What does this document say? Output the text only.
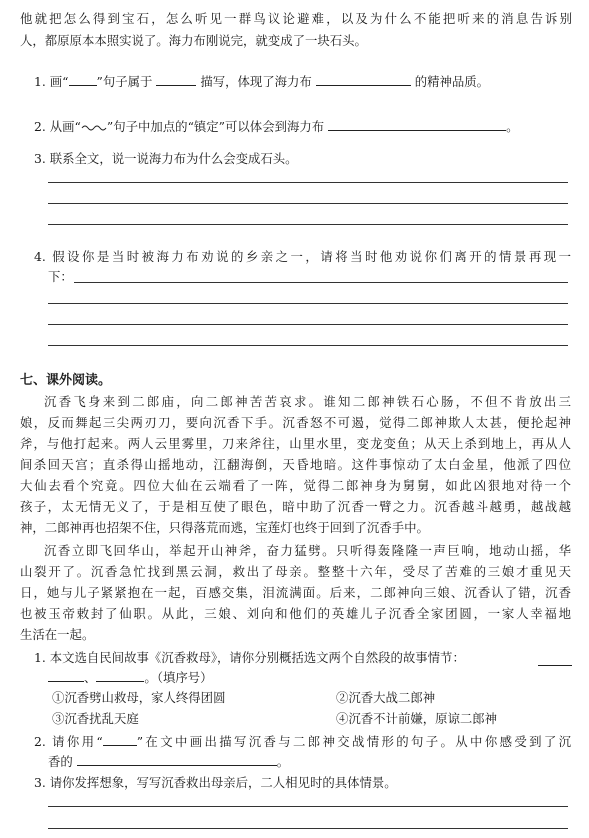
他就把怎么得到宝石，怎么听见一群鸟议论避难，以及为什么不能把听来的消息告诉别
人，都原原本本照实说了。海力布刚说完，就变成了一块石头。
1. 画“ ”句子属于	描写，体现了海力布	的精神品质。
2. 从画“ ”句子中加点的“镇定”可以体会到海力布	。
3. 联系全文，说一说海力布为什么会变成石头。
4. 假设你是当时被海力布劝说的乡亲之一，请将当时他劝说你们离开的情景再现一
下：
七、课外阅读。
沉香飞身来到二郎庙，向二郎神苦苦哀求。谁知二郎神铁石心肠，不但不肯放出三
娘，反而舞起三尖两刃刀，要向沉香下手。沉香怒不可遏，觉得二郎神欺人太甚，便抡起神
斧，与他打起来。两人云里雾里，刀来斧往，山里水里，变龙变鱼；从天上杀到地上，再从人
间杀回天宫；直杀得山摇地动，江翻海倒，天昏地暗。这件事惊动了太白金星，他派了四位
大仙去看个究竟。四位大仙在云端看了一阵，觉得二郎神身为舅舅，如此凶狠地对待一个
孩子，太无情无义了，于是相互使了眼色，暗中助了沉香一臂之力。沉香越斗越勇，越战越
神，二郎神再也招架不住，只得落荒而逃，宝莲灯也终于回到了沉香手中。
沉香立即飞回华山，举起开山神斧，奋力猛劈。只听得轰隆隆一声巨响，地动山摇，华
山裂开了。沉香急忙找到黑云洞，救出了母亲。整整十六年，受尽了苦难的三娘才重见天
日，她与儿子紧紧抱在一起，百感交集，泪流满面。后来，二郎神向三娘、沉香认了错，沉香
也被玉帝敕封了仙职。从此，三娘、刘向和他们的英雄儿子沉香全家团圆，一家人幸福地
生活在一起。
1. 本文选自民间故事《沉香救母》，请你分别概括选文两个自然段的故事情节：
、	。（填序号）
①沉香劈山救母，家人终得团圆	②沉香大战二郎神
③沉香扰乱天庭	④沉香不计前嫌，原谅二郎神
2. 请你用“	”在文中画出描写沉香与二郎神交战情形的句子。从中你感受到了沉
香的	。
3. 请你发挥想象，写写沉香救出母亲后，二人相见时的具体情景。
